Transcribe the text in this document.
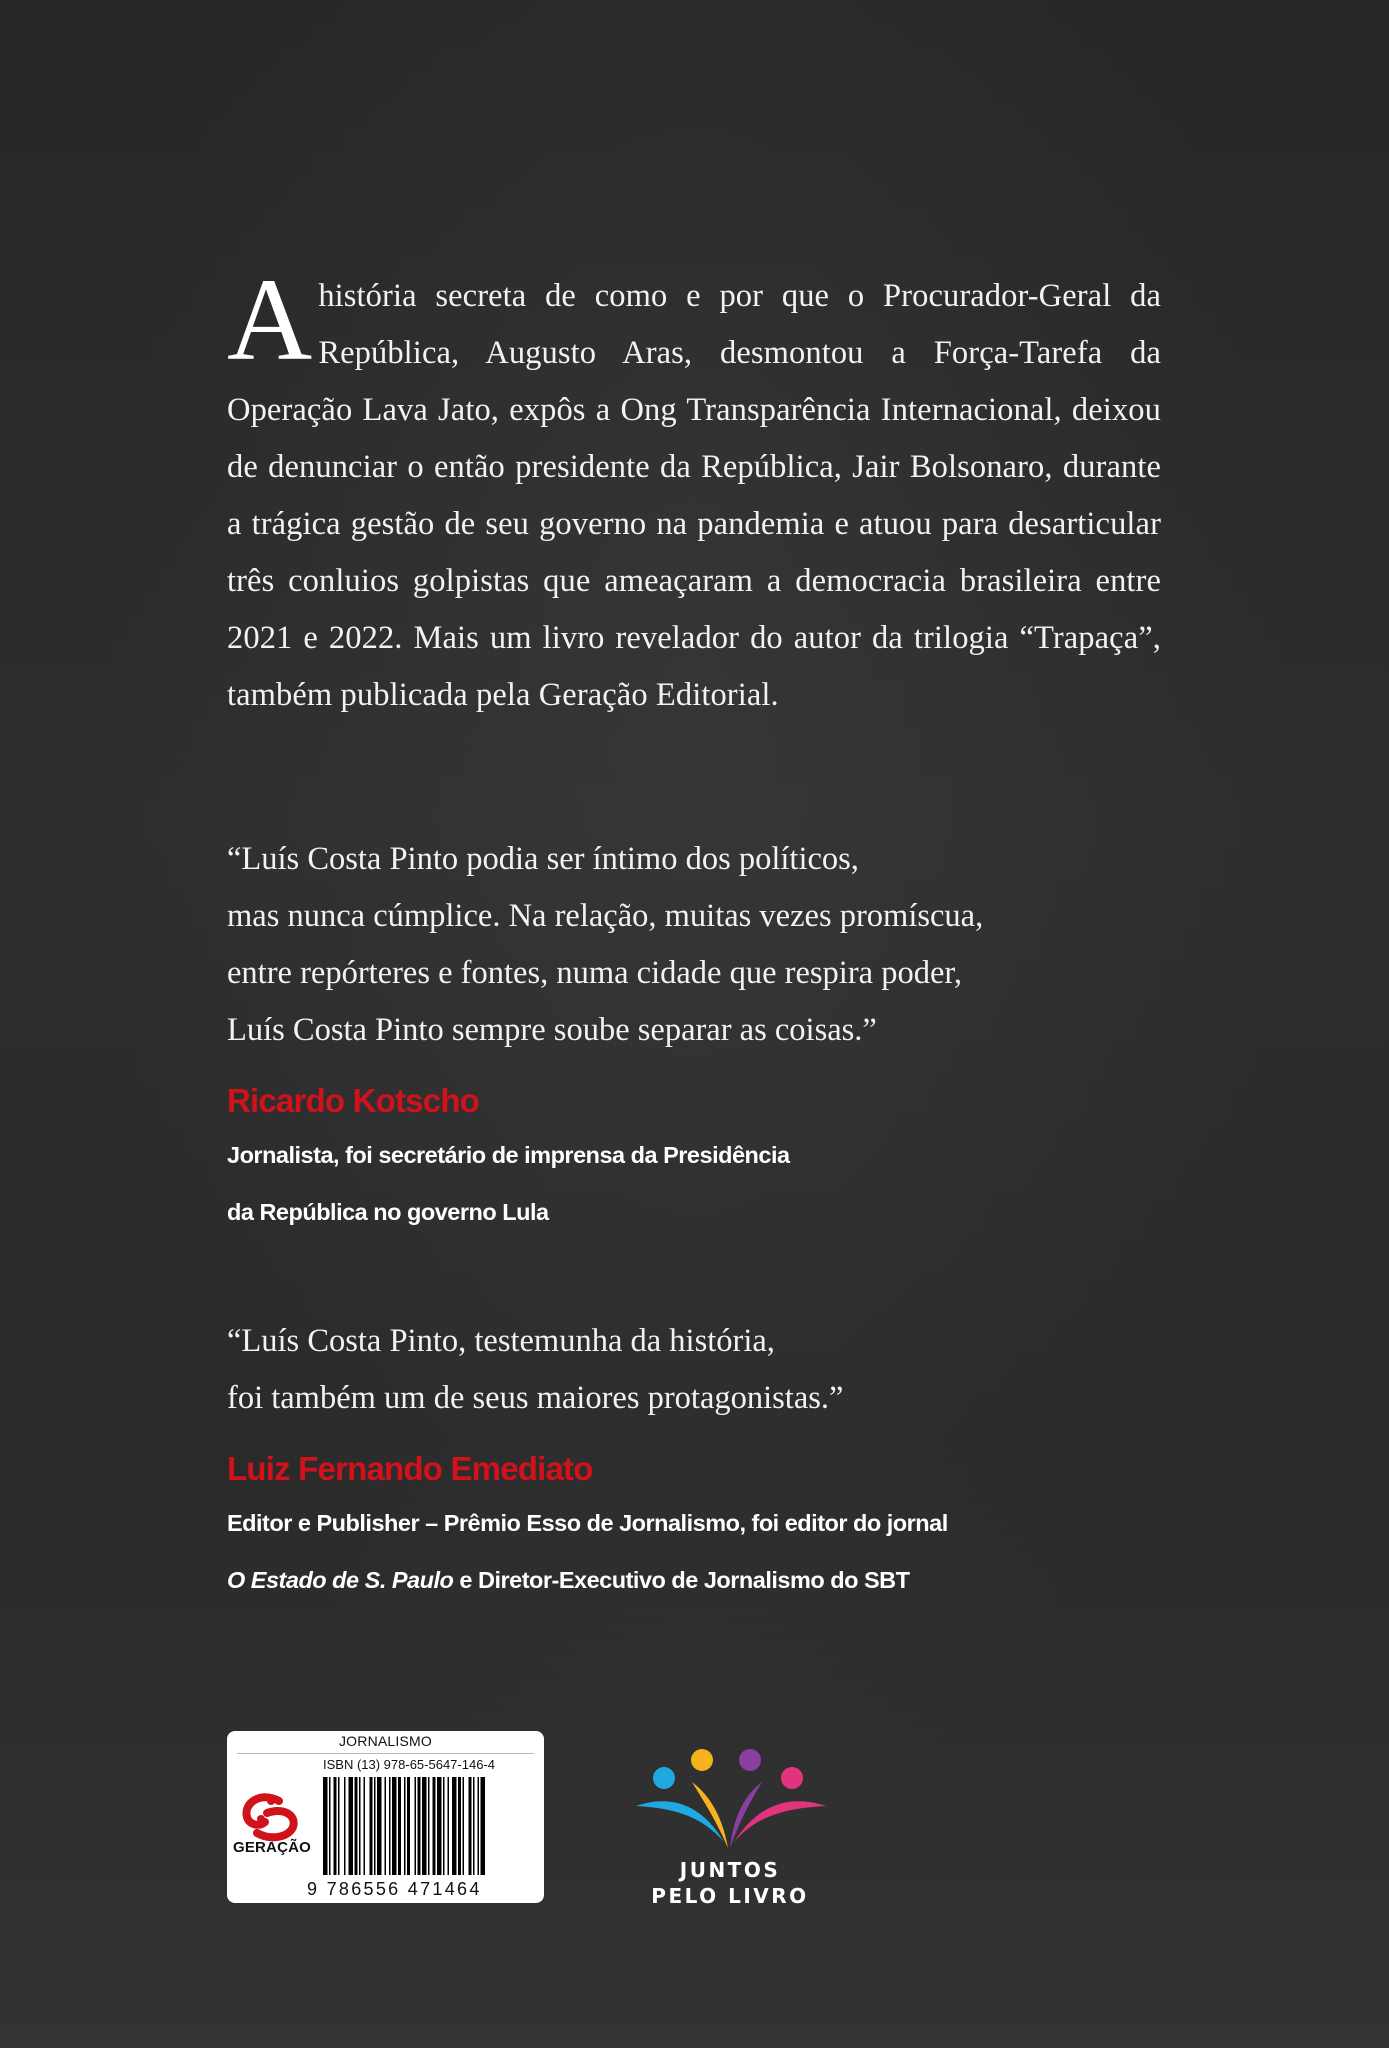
A história secreta de como e por que o Procurador-Geral da República, Augusto Aras, desmontou a Força-Tarefa da Operação Lava Jato, expôs a Ong Transparência Internacional, deixou de denunciar o então presidente da República, Jair Bolsonaro, durante a trágica gestão de seu governo na pandemia e atuou para desarticular três conluios golpistas que ameaçaram a democracia brasileira entre 2021 e 2022. Mais um livro revelador do autor da trilogia “Trapaça”, também publicada pela Geração Editorial.

“Luís Costa Pinto podia ser íntimo dos políticos,
mas nunca cúmplice. Na relação, muitas vezes promíscua,
entre repórteres e fontes, numa cidade que respira poder,
Luís Costa Pinto sempre soube separar as coisas.”

Ricardo Kotscho

Jornalista, foi secretário de imprensa da Presidência
da República no governo Lula

“Luís Costa Pinto, testemunha da história,
foi também um de seus maiores protagonistas.”

Luiz Fernando Emediato

Editor e Publisher – Prêmio Esso de Jornalismo, foi editor do jornal
O Estado de S. Paulo e Diretor-Executivo de Jornalismo do SBT

JORNALISMO
GERAÇÃO
ISBN (13) 978-65-5647-146-4
9 786556 471464
JUNTOS
PELO LIVRO
